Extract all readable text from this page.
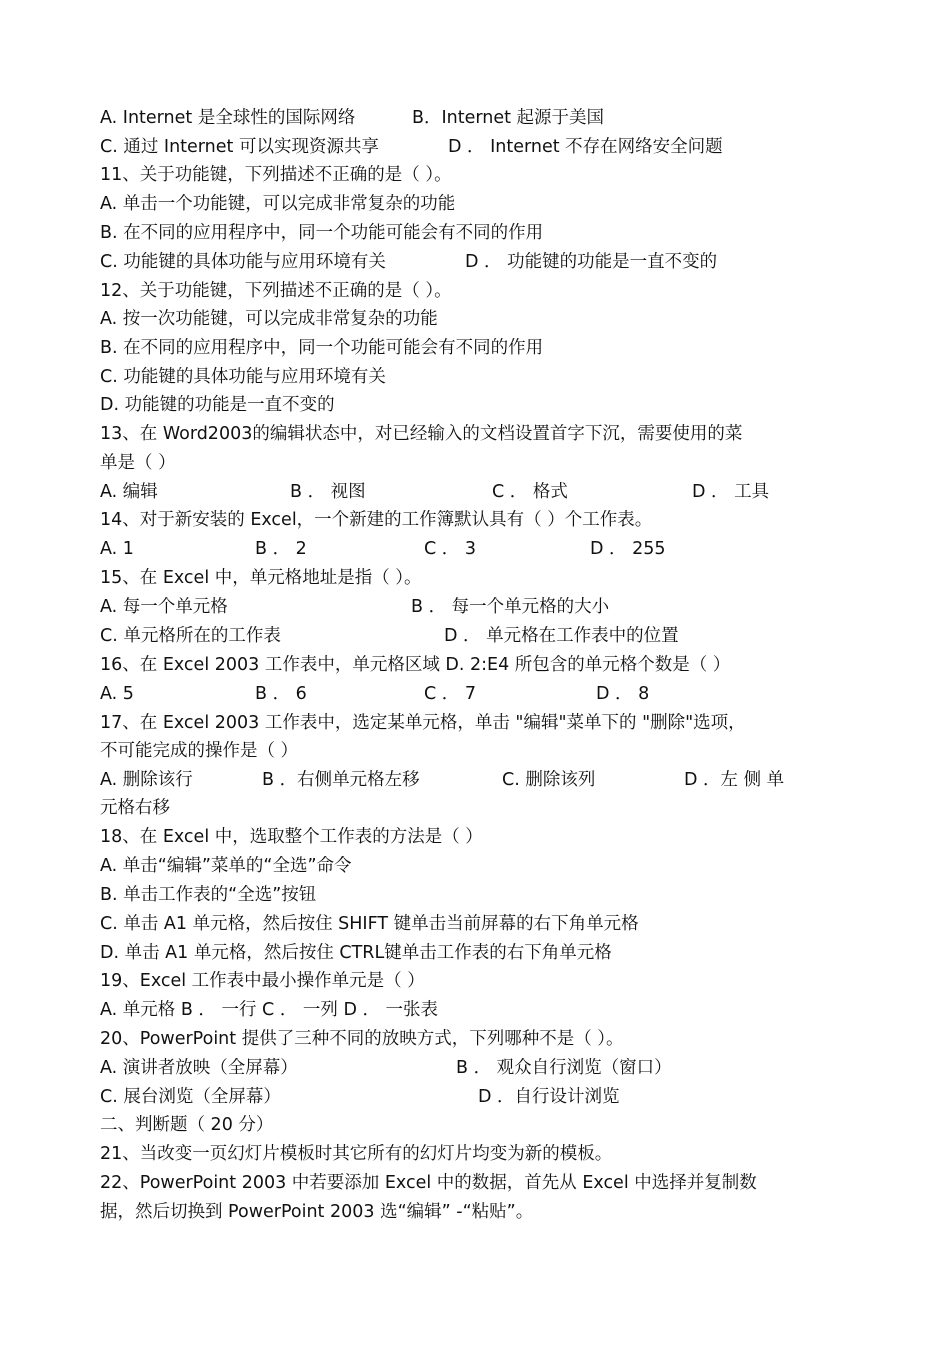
A. Internet 是全球性的国际网络	B．Internet 起源于美国
C. 通过 Internet 可以实现资源共享	D ． Internet 不存在网络安全问题
11、关于功能键，下列描述不正确的是（ ）。
A. 单击一个功能键，可以完成非常复杂的功能
B. 在不同的应用程序中，同一个功能可能会有不同的作用
C. 功能键的具体功能与应用环境有关	D ． 功能键的功能是一直不变的
12、关于功能键，下列描述不正确的是（ ）。
A. 按一次功能键，可以完成非常复杂的功能
B. 在不同的应用程序中，同一个功能可能会有不同的作用
C. 功能键的具体功能与应用环境有关
D. 功能键的功能是一直不变的
13、在 Word2003的编辑状态中，对已经输入的文档设置首字下沉，需要使用的菜
单是（ ）
A. 编辑	B ． 视图	C ． 格式	D ． 工具
14、对于新安装的 Excel，一个新建的工作簿默认具有（ ）个工作表。
A. 1	B ． 2	C ． 3	D ． 255
15、在 Excel 中，单元格地址是指（ ）。
A. 每一个单元格	B ． 每一个单元格的大小
C. 单元格所在的工作表	D ． 单元格在工作表中的位置
16、在 Excel 2003 工作表中，单元格区域 D. 2:E4 所包含的单元格个数是（ ）
A. 5	B ． 6	C ． 7	D ． 8
17、在 Excel 2003 工作表中，选定某单元格，单击 "编辑"菜单下的 "删除"选项，
不可能完成的操作是（ ）
A. 删除该行	B ．右侧单元格左移	C. 删除该列	D ．左 侧 单
元格右移
18、在 Excel 中，选取整个工作表的方法是（ ）
A. 单击“编辑”菜单的“全选”命令
B. 单击工作表的“全选”按钮
C. 单击 A1 单元格，然后按住 SHIFT 键单击当前屏幕的右下角单元格
D. 单击 A1 单元格，然后按住 CTRL键单击工作表的右下角单元格
19、Excel 工作表中最小操作单元是（ ）
A. 单元格 B ． 一行 C ． 一列 D ． 一张表
20、PowerPoint 提供了三种不同的放映方式，下列哪种不是（ ）。
A. 演讲者放映（全屏幕）	B ． 观众自行浏览（窗口）
C. 展台浏览（全屏幕）	D ．自行设计浏览
二、判断题（ 20 分）
21、当改变一页幻灯片模板时其它所有的幻灯片均变为新的模板。
22、PowerPoint 2003 中若要添加 Excel 中的数据，首先从 Excel 中选择并复制数
据，然后切换到 PowerPoint 2003 选“编辑” -“粘贴”。
